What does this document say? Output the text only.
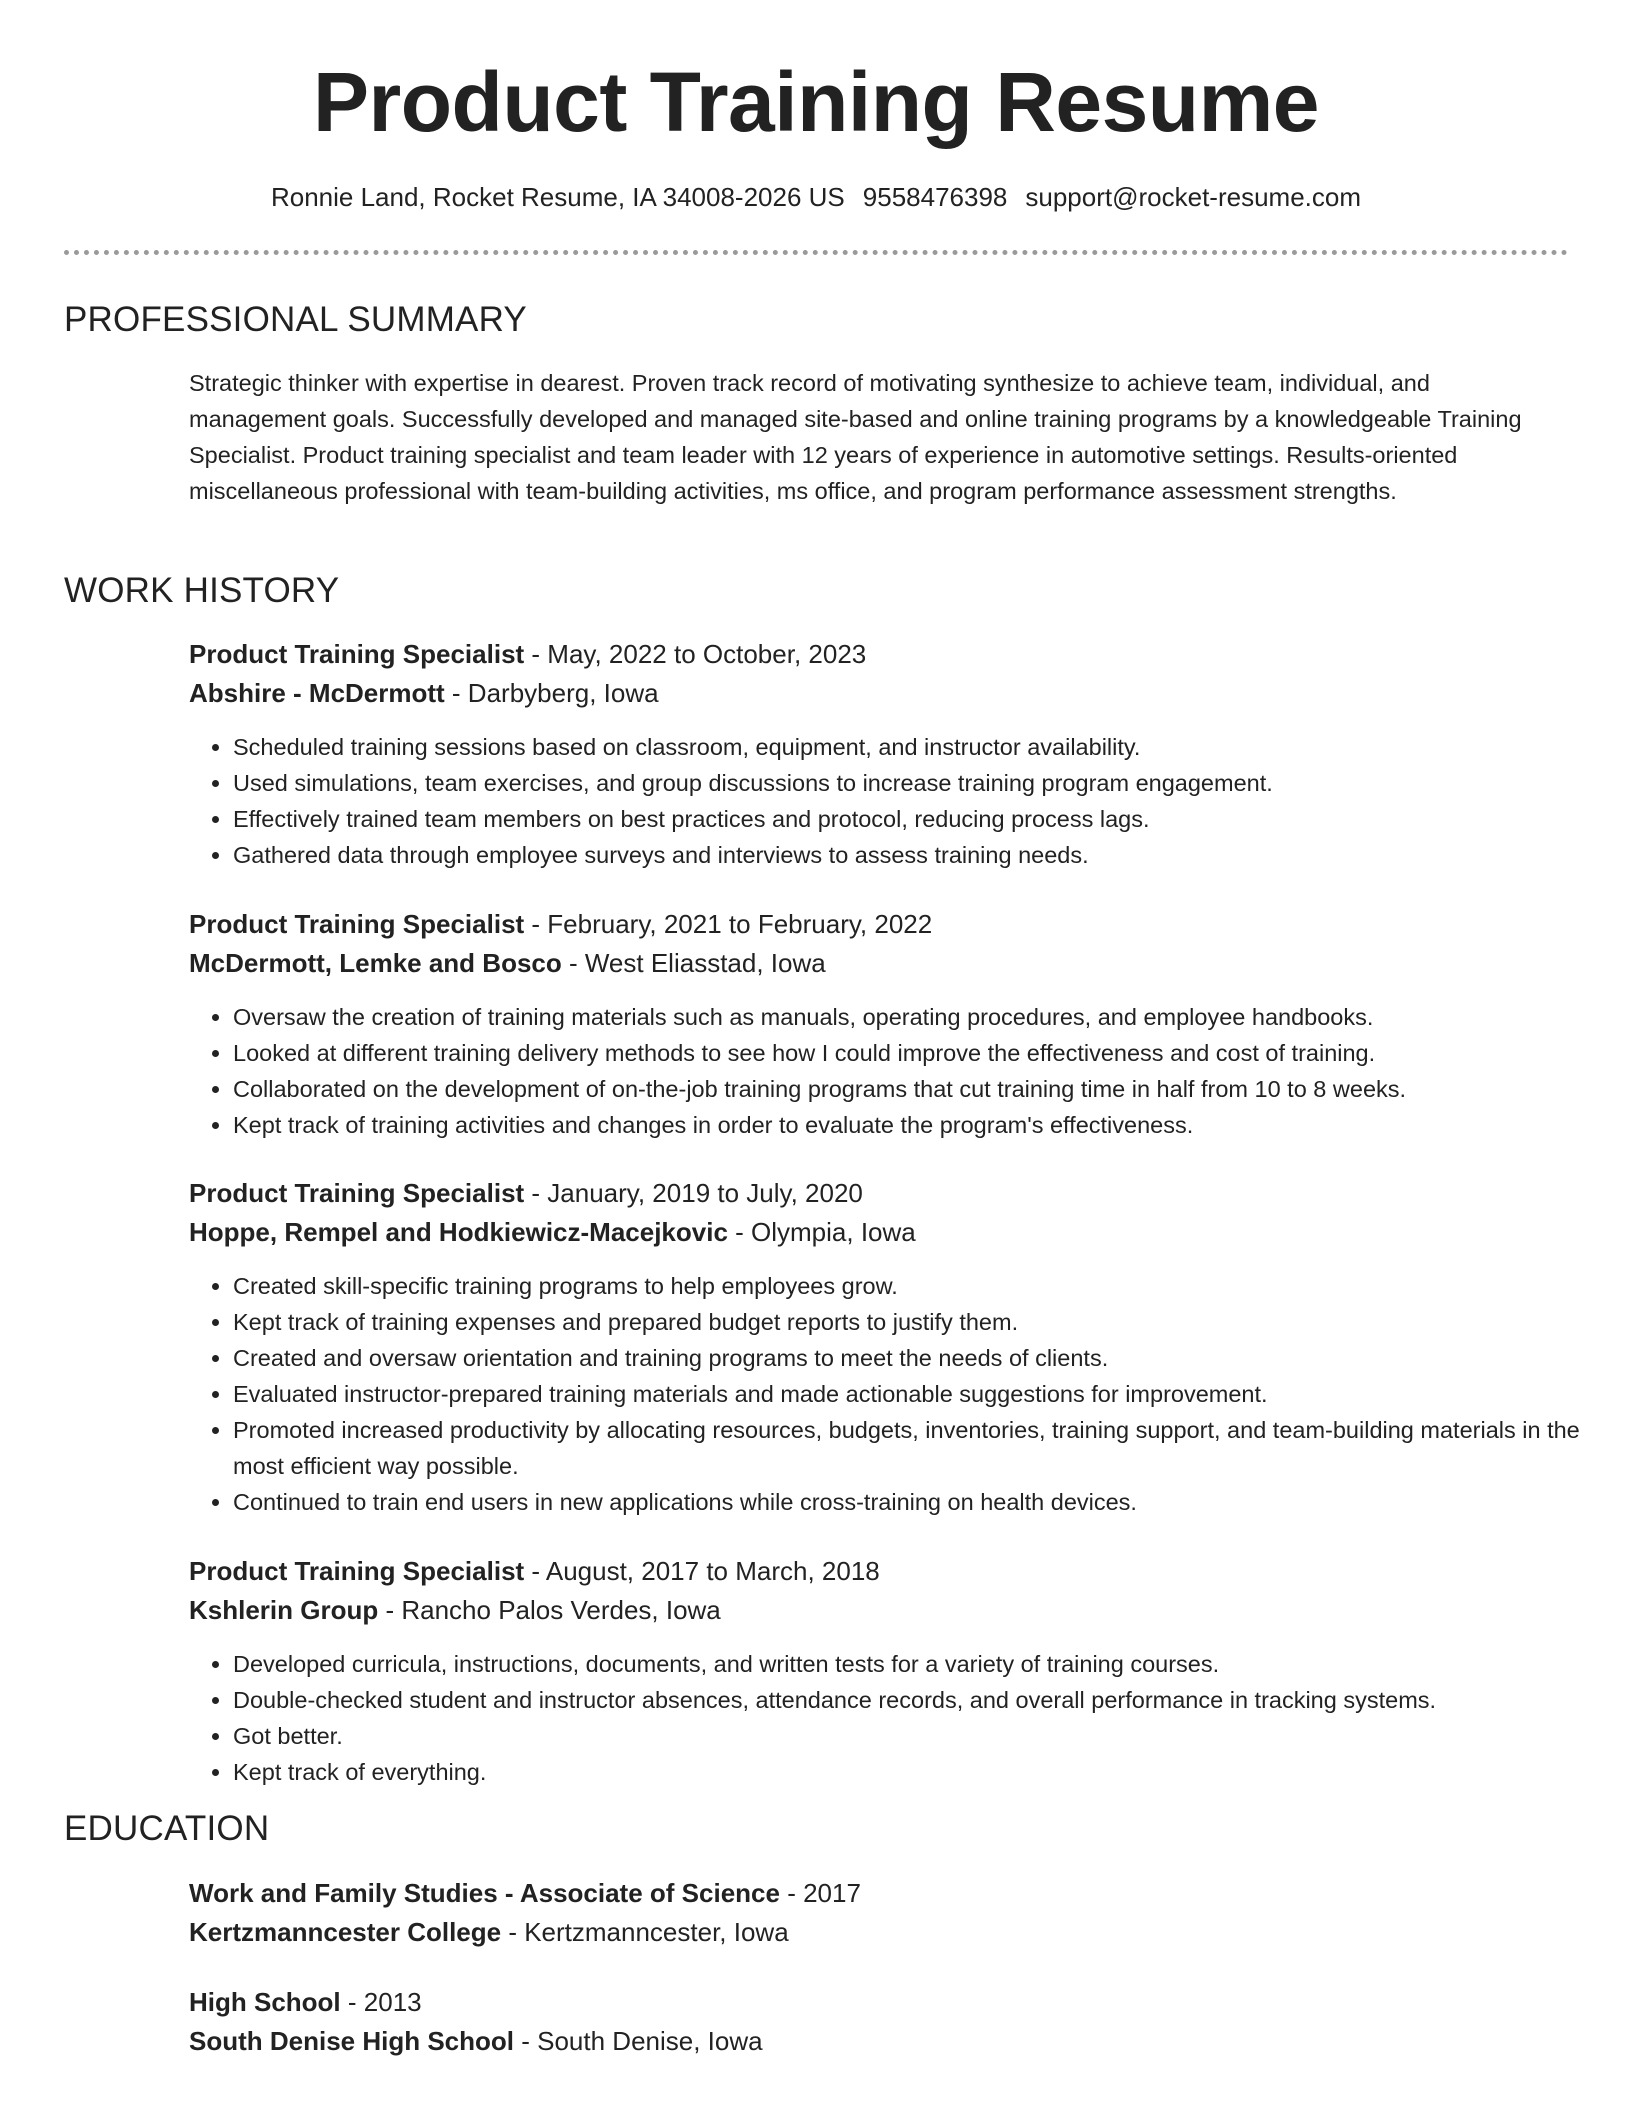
Product Training Resume
Ronnie Land, Rocket Resume, IA 34008-2026 US 9558476398 support@rocket-resume.com
PROFESSIONAL SUMMARY

Strategic thinker with expertise in dearest. Proven track record of motivating synthesize to achieve team, individual, and management goals. Successfully developed and managed site-based and online training programs by a knowledgeable Training Specialist. Product training specialist and team leader with 12 years of experience in automotive settings. Results-oriented miscellaneous professional with team-building activities, ms office, and program performance assessment strengths.

WORK HISTORY
Product Training Specialist - May, 2022 to October, 2023
Abshire - McDermott - Darbyberg, Iowa
• Scheduled training sessions based on classroom, equipment, and instructor availability.
• Used simulations, team exercises, and group discussions to increase training program engagement.
• Effectively trained team members on best practices and protocol, reducing process lags.
• Gathered data through employee surveys and interviews to assess training needs.
Product Training Specialist - February, 2021 to February, 2022
McDermott, Lemke and Bosco - West Eliasstad, Iowa
• Oversaw the creation of training materials such as manuals, operating procedures, and employee handbooks.
• Looked at different training delivery methods to see how I could improve the effectiveness and cost of training.
• Collaborated on the development of on-the-job training programs that cut training time in half from 10 to 8 weeks.
• Kept track of training activities and changes in order to evaluate the program's effectiveness.
Product Training Specialist - January, 2019 to July, 2020
Hoppe, Rempel and Hodkiewicz-Macejkovic - Olympia, Iowa
• Created skill-specific training programs to help employees grow.
• Kept track of training expenses and prepared budget reports to justify them.
• Created and oversaw orientation and training programs to meet the needs of clients.
• Evaluated instructor-prepared training materials and made actionable suggestions for improvement.
• Promoted increased productivity by allocating resources, budgets, inventories, training support, and team-building materials in the most efficient way possible.
• Continued to train end users in new applications while cross-training on health devices.
Product Training Specialist - August, 2017 to March, 2018
Kshlerin Group - Rancho Palos Verdes, Iowa
• Developed curricula, instructions, documents, and written tests for a variety of training courses.
• Double-checked student and instructor absences, attendance records, and overall performance in tracking systems.
• Got better.
• Kept track of everything.
EDUCATION
Work and Family Studies - Associate of Science - 2017
Kertzmanncester College - Kertzmanncester, Iowa
High School - 2013
South Denise High School - South Denise, Iowa
